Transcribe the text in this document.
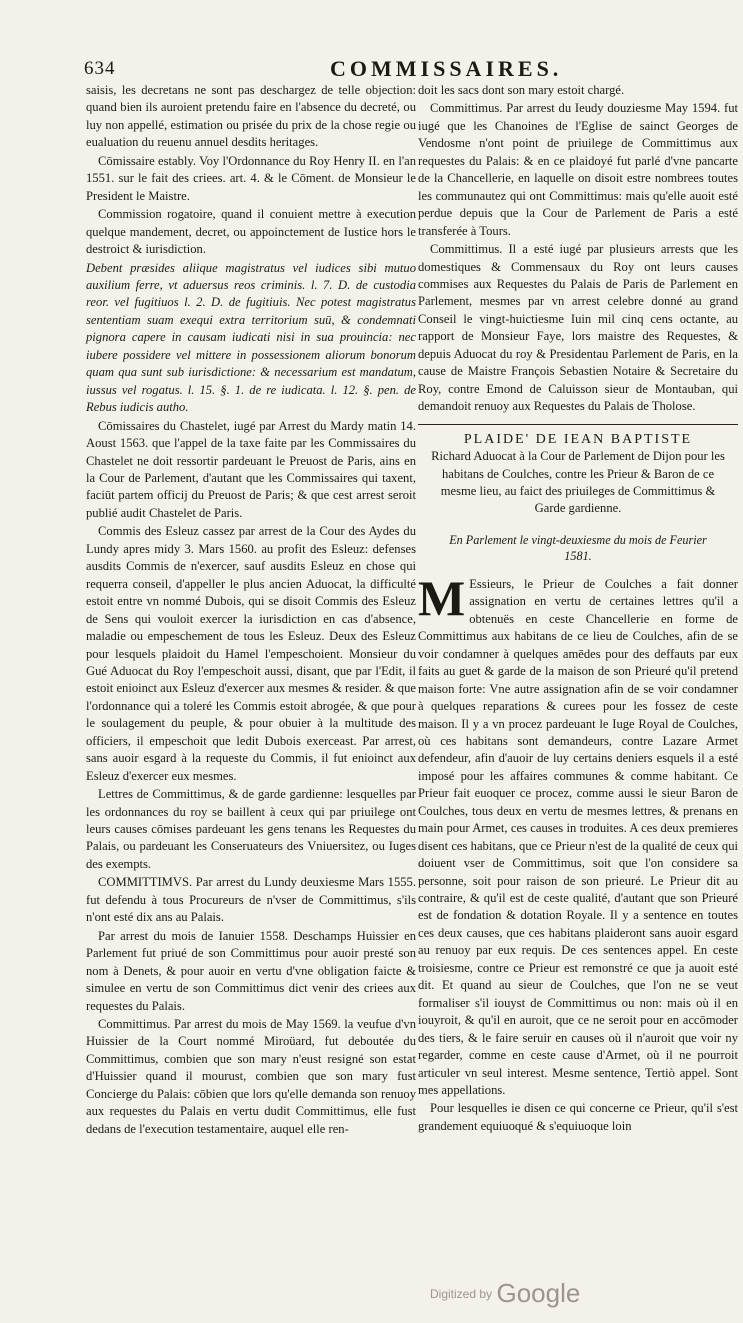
634	COMMISSAIRES.

saisis, les decretans ne sont pas deschargez de telle objection: quand bien ils auroient pretendu faire en l'absence du decreté, ou luy non appellé, estimation ou prisée du prix de la chose regie ou eualuation du reuenu annuel desdits heritages.

Cōmissaire estably. Voy l'Ordonnance du Roy Henry II. en l'an 1551. sur le fait des criees. art. 4. & le Cōment. de Monsieur le President le Maistre.

Commission rogatoire, quand il conuient mettre à execution quelque mandement, decret, ou appoinctement de Iustice hors le destroict & iurisdiction.

Debent præsides aliique magistratus vel iudices sibi mutuo auxilium ferre, vt aduersus reos criminis. l. 7. D. de custodia reor. vel fugitiuos l. 2. D. de fugitiuis. Nec potest magistratus sententiam suam exequi extra territorium suū, & condemnati pignora capere in causam iudicati nisi in sua prouincia: nec iubere possidere vel mittere in possessionem aliorum bonorum quam qua sunt sub iurisdictione: & necessarium est mandatum, iussus vel rogatus. l. 15. §. 1. de re iudicata. l. 12. §. pen. de Rebus iudicis autho.

Cōmissaires du Chastelet, iugé par Arrest du Mardy matin 14. Aoust 1563. que l'appel de la taxe faite par les Commissaires du Chastelet ne doit ressortir pardeuant le Preuost de Paris, ains en la Cour de Parlement, d'autant que les Commissaires qui taxent, faciūt partem officij du Preuost de Paris; & que cest arrest seroit publié audit Chastelet de Paris.

Commis des Esleuz cassez par arrest de la Cour des Aydes du Lundy apres midy 3. Mars 1560. au profit des Esleuz: defenses ausdits Commis de n'exercer, sauf ausdits Esleuz en chose qui requerra conseil, d'appeller le plus ancien Aduocat, la difficulté estoit entre vn nommé Dubois, qui se disoit Commis des Esleuz de Sens qui vouloit exercer la iurisdiction en cas d'absence, maladie ou empeschement de tous les Esleuz. Deux des Esleuz pour lesquels plaidoit du Hamel l'empeschoient. Monsieur du Gué Aduocat du Roy l'empeschoit aussi, disant, que par l'Edit, il estoit enioinct aux Esleuz d'exercer aux mesmes & resider. & que l'ordonnance qui a toleré les Commis estoit abrogée, & que pour le soulagement du peuple, & pour obuier à la multitude des officiers, il empeschoit que ledit Dubois exerceast. Par arrest, sans auoir esgard à la requeste du Commis, il fut enioinct aux Esleuz d'exercer eux mesmes.

Lettres de Committimus, & de garde gardienne: lesquelles par les ordonnances du roy se baillent à ceux qui par priuilege ont leurs causes cōmises pardeuant les gens tenans les Requestes du Palais, ou pardeuant les Conseruateurs des Vniuersitez, ou Iuges des exempts.

COMMITTIMVS. Par arrest du Lundy deuxiesme Mars 1555. fut defendu à tous Procureurs de n'vser de Committimus, s'ils n'ont esté dix ans au Palais.

Par arrest du mois de Ianuier 1558. Deschamps Huissier en Parlement fut priué de son Committimus pour auoir presté son nom à Denets, & pour auoir en vertu d'vne obligation faicte & simulee en vertu de son Committimus dict venir des criees aux requestes du Palais.

Committimus. Par arrest du mois de May 1569. la veufue d'vn Huissier de la Court nommé Miroüard, fut deboutée du Committimus, combien que son mary n'eust resigné son estat d'Huissier quand il mourust, combien que son mary fust Concierge du Palais: cōbien que lors qu'elle demanda son renuoy aux requestes du Palais en vertu dudit Committimus, elle fust dedans de l'execution testamentaire, auquel elle ren-

doit les sacs dont son mary estoit chargé.

Committimus. Par arrest du Ieudy douziesme May 1594. fut iugé que les Chanoines de l'Eglise de sainct Georges de Vendosme n'ont point de priuilege de Committimus aux requestes du Palais: & en ce plaidoyé fut parlé d'vne pancarte de la Chancellerie, en laquelle on disoit estre nombrees toutes les communautez qui ont Committimus: mais qu'elle auoit esté perdue depuis que la Cour de Parlement de Paris a esté transferée à Tours.

Committimus. Il a esté iugé par plusieurs arrests que les domestiques & Commensaux du Roy ont leurs causes commises aux Requestes du Palais de Paris de Parlement en Parlement, mesmes par vn arrest celebre donné au grand Conseil le vingt-huictiesme Iuin mil cinq cens octante, au rapport de Monsieur Faye, lors maistre des Requestes, & depuis Aduocat du roy & Presidentau Parlement de Paris, en la cause de Maistre François Sebastien Notaire & Secretaire du Roy, contre Emond de Caluisson sieur de Montauban, qui demandoit renuoy aux Requestes du Palais de Tholose.

PLAIDE' DE IEAN BAPTISTE
Richard Aduocat à la Cour de Parlement de Dijon pour les habitans de Coulches, contre les Prieur & Baron de ce mesme lieu, au faict des priuileges de Committimus & Garde gardienne.
En Parlement le vingt-deuxiesme du mois de Feurier 1581.
M Essieurs, le Prieur de Coulches a fait donner assignation en vertu de certaines lettres qu'il a obtenuës en ceste Chancellerie en forme de Committimus aux habitans de ce lieu de Coulches, afin de se voir condamner à quelques amēdes pour des deffauts par eux faits au guet & garde de la maison de son Prieuré qu'il pretend maison forte: Vne autre assignation afin de se voir condamner à quelques reparations & curees pour les fossez de ceste maison. Il y a vn procez pardeuant le Iuge Royal de Coulches, où ces habitans sont demandeurs, contre Lazare Armet defendeur, afin d'auoir de luy certains deniers esquels il a esté imposé pour les affaires communes & comme habitant. Ce Prieur fait euoquer ce procez, comme aussi le sieur Baron de Coulches, tous deux en vertu de mesmes lettres, & prenans en main pour Armet, ces causes in troduites. A ces deux premieres disent ces habitans, que ce Prieur n'est de la qualité de ceux qui doiuent vser de Committimus, soit que l'on considere sa personne, soit pour raison de son prieuré. Le Prieur dit au contraire, & qu'il est de ceste qualité, d'autant que son Prieuré est de fondation & dotation Royale. Il y a sentence en toutes ces deux causes, que ces habitans plaideront sans auoir esgard au renuoy par eux requis. De ces sentences appel. En ceste troisiesme, contre ce Prieur est remonstré ce que ja auoit esté dit. Et quand au sieur de Coulches, que l'on ne se veut formaliser s'il iouyst de Committimus ou non: mais où il en iouyroit, & qu'il en auroit, que ce ne seroit pour en accōmoder des tiers, & le faire seruir en causes où il n'auroit que voir ny regarder, comme en ceste cause d'Armet, où il ne pourroit articuler vn seul interest. Mesme sentence, Tertiò appel. Sont mes appellations.

Pour lesquelles ie disen ce qui concerne ce Prieur, qu'il s'est grandement equiuoqué & s'equiuoque loin

$^{Digitized by}$ Google
